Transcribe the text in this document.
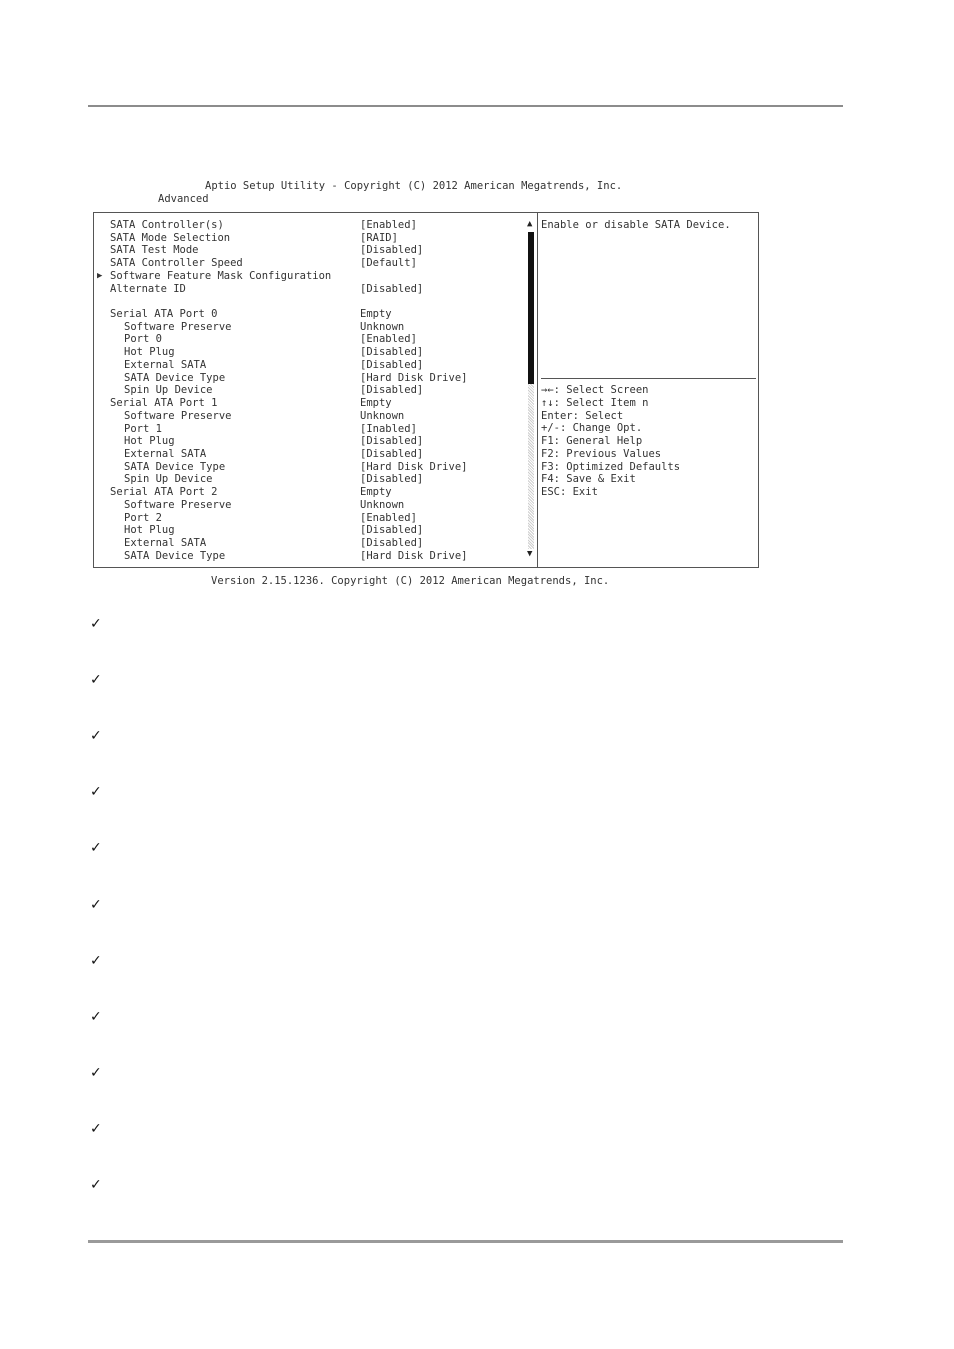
Aptio Setup Utility - Copyright (C) 2012 American Megatrends, Inc.
Advanced
SATA Controller(s)	[Enabled]
SATA Mode Selection	[RAID]
SATA Test Mode	[Disabled]
SATA Controller Speed	[Default]
▶ Software Feature Mask Configuration
Alternate ID	[Disabled]
Serial ATA Port 0	Empty
Software Preserve	Unknown
Port 0	[Enabled]
Hot Plug	[Disabled]
External SATA	[Disabled]
SATA Device Type	[Hard Disk Drive]
Spin Up Device	[Disabled]
Serial ATA Port 1	Empty
Software Preserve	Unknown
Port 1	[Inabled]
Hot Plug	[Disabled]
External SATA	[Disabled]
SATA Device Type	[Hard Disk Drive]
Spin Up Device	[Disabled]
Serial ATA Port 2	Empty
Software Preserve	Unknown
Port 2	[Enabled]
Hot Plug	[Disabled]
External SATA	[Disabled]
SATA Device Type	[Hard Disk Drive]
▲
▼
Enable or disable SATA Device.
→←: Select Screen
↑↓: Select Item n
Enter: Select
+/-: Change Opt.
F1: General Help
F2: Previous Values
F3: Optimized Defaults
F4: Save & Exit
ESC: Exit
Version 2.15.1236. Copyright (C) 2012 American Megatrends, Inc.
✓
✓
✓
✓
✓
✓
✓
✓
✓
✓
✓
